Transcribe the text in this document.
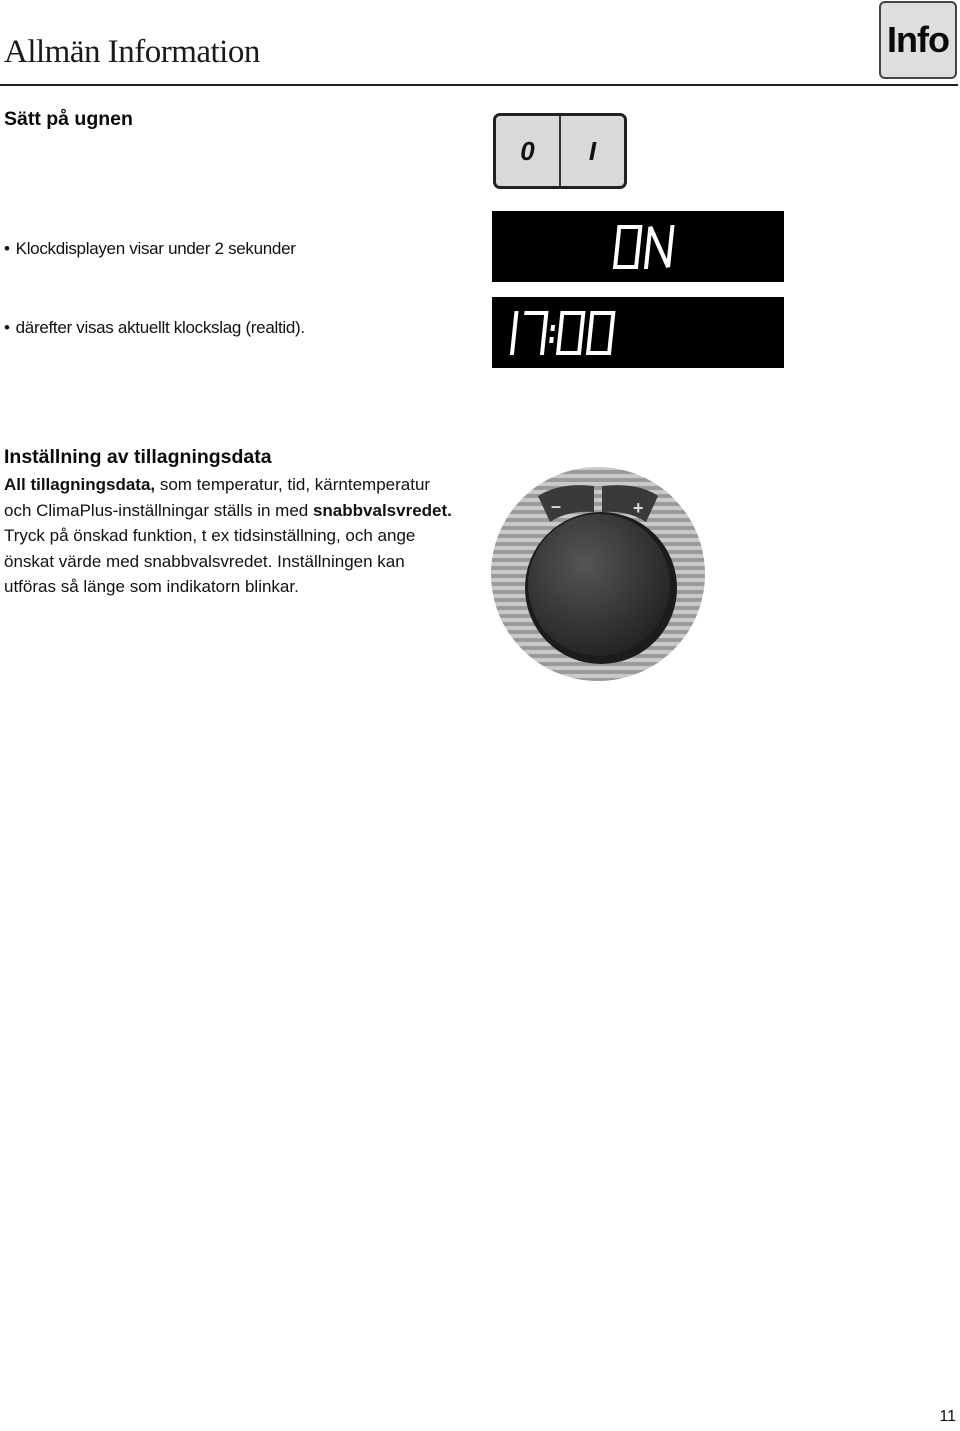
Allmän Information	Info
Sätt på ugnen
0	I
• Klockdisplayen visar under 2 sekunder
• därefter visas aktuellt klockslag (realtid).
Inställning av tillagningsdata

All tillagningsdata, som temperatur, tid, kärntemperatur

och ClimaPlus-inställningar ställs in med snabbvalsvredet.

Tryck på önskad funktion, t ex tidsinställning, och ange

önskat värde med snabbvalsvredet. Inställningen kan

utföras så länge som indikatorn blinkar.

–	+
11
